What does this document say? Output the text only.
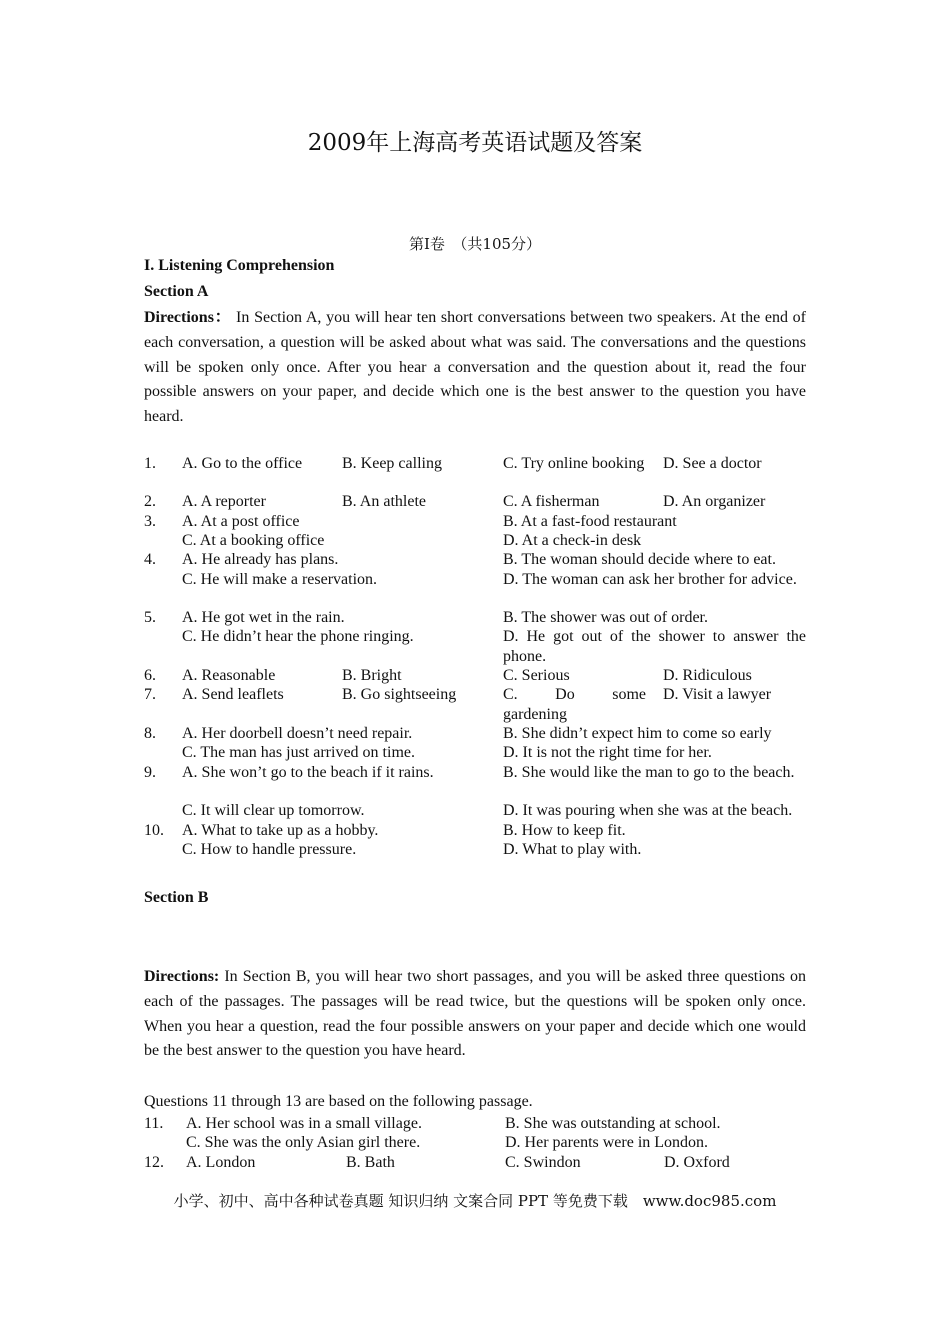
2009年上海高考英语试题及答案
第I卷　（共105分）
I. Listening Comprehension
Section A
Directions： In Section A, you will hear ten short conversations between two speakers. At the end of each conversation, a question will be asked about what was said. The conversations and the questions will be spoken only once. After you hear a conversation and the question about it, read the four possible answers on your paper, and decide which one is the best answer to the question you have heard.
1. A. Go to the office B. Keep calling	C. Try online booking D. See a doctor
2. A. A reporter	B. An athlete	C. A fisherman	D. An organizer
3. A. At a post office	B. At a fast-food restaurant
C. At a booking office	D. At a check-in desk
4. A. He already has plans.	B. The woman should decide where to eat.
C. He will make a reservation.	D. The woman can ask her brother for advice.
5. A. He got wet in the rain.	B. The shower was out of order.
C. He didn’t hear the phone ringing.	D. He got out of the shower to answer the phone.
6. A. Reasonable	B. Bright	C. Serious	D. Ridiculous
7. A. Send leaflets	B. Go sightseeing	C. Do some gardening
D. Visit a lawyer
8. A. Her doorbell doesn’t need repair.	B. She didn’t expect him to come so early
C. The man has just arrived on time.	D. It is not the right time for her.
9. A. She won’t go to the beach if it rains.	B. She would like the man to go to the beach.
C. It will clear up tomorrow.	D. It was pouring when she was at the beach.
10. A. What to take up as a hobby.	B. How to keep fit.
C. How to handle pressure.	D. What to play with.
Section B
Directions: In Section B, you will hear two short passages, and you will be asked three questions on each of the passages. The passages will be read twice, but the questions will be spoken only once. When you hear a question, read the four possible answers on your paper and decide which one would be the best answer to the question you have heard.
Questions 11 through 13 are based on the following passage.
11. A. Her school was in a small village.	B. She was outstanding at school.
C. She was the only Asian girl there.	D. Her parents were in London.
12. A. London	B. Bath	C. Swindon	D. Oxford
小学、初中、高中各种试卷真题 知识归纳 文案合同 PPT 等免费下载　www.doc985.com
